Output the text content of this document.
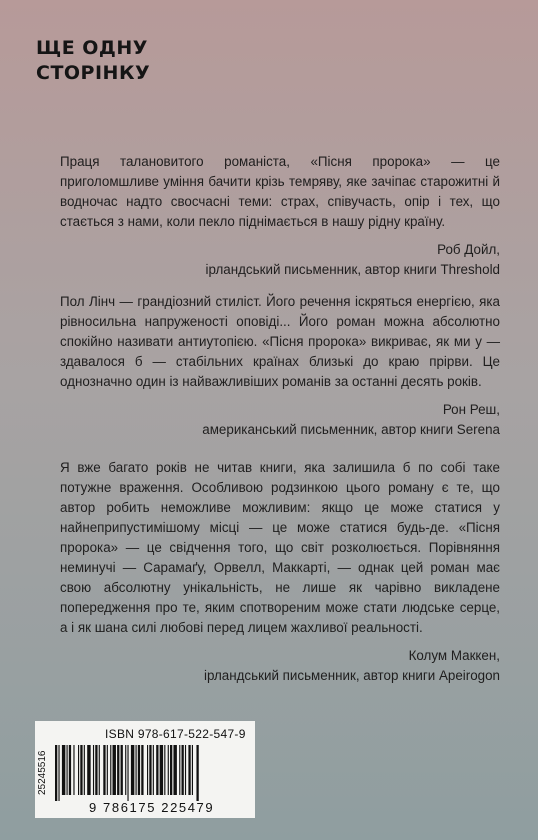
ЩЕ ОДНУ
СТОРІНКУ

Праця талановитого романіста, «Пісня пророка» — це приголомшливе уміння бачити крізь темряву, яке зачіпає старожитні й водночас надто свосчасні теми: страх, співучасть, опір і тех, що стається з нами, коли пекло піднімається в нашу рідну країну.

Роб Дойл,
ірландський письменник, автор книги Threshold

Пол Лінч — грандіозний стиліст. Його речення іскряться енергією, яка рівносильна напруженості оповіді... Його роман можна абсолютно спокійно називати антиутопією. «Пісня пророка» викриває, як ми у — здавалося б — стабільних країнах близькі до краю прірви. Це однозначно один із найважливіших романів за останні десять років.

Рон Реш,
американський письменник, автор книги Serena

Я вже багато років не читав книги, яка залишила б по собі таке потужне враження. Особливою родзинкою цього роману є те, що автор робить неможливе можливим: якщо це може статися у найнеприпустимішому місці — це може статися будь-де. «Пісня пророка» — це свідчення того, що світ розколюється. Порівняння неминучі — Сарамаґу, Орвелл, Маккарті, — однак цей роман має свою абсолютну унікальність, не лише як чарівно викладене попередження про те, яким спотвореним може стати людське серце, а і як шана силі любові перед лицем жахливої реальності.

Колум Маккен,
ірландський письменник, автор книги Apeirogon
ISBN 978-617-522-547-9
25245516
9 786175 225479
